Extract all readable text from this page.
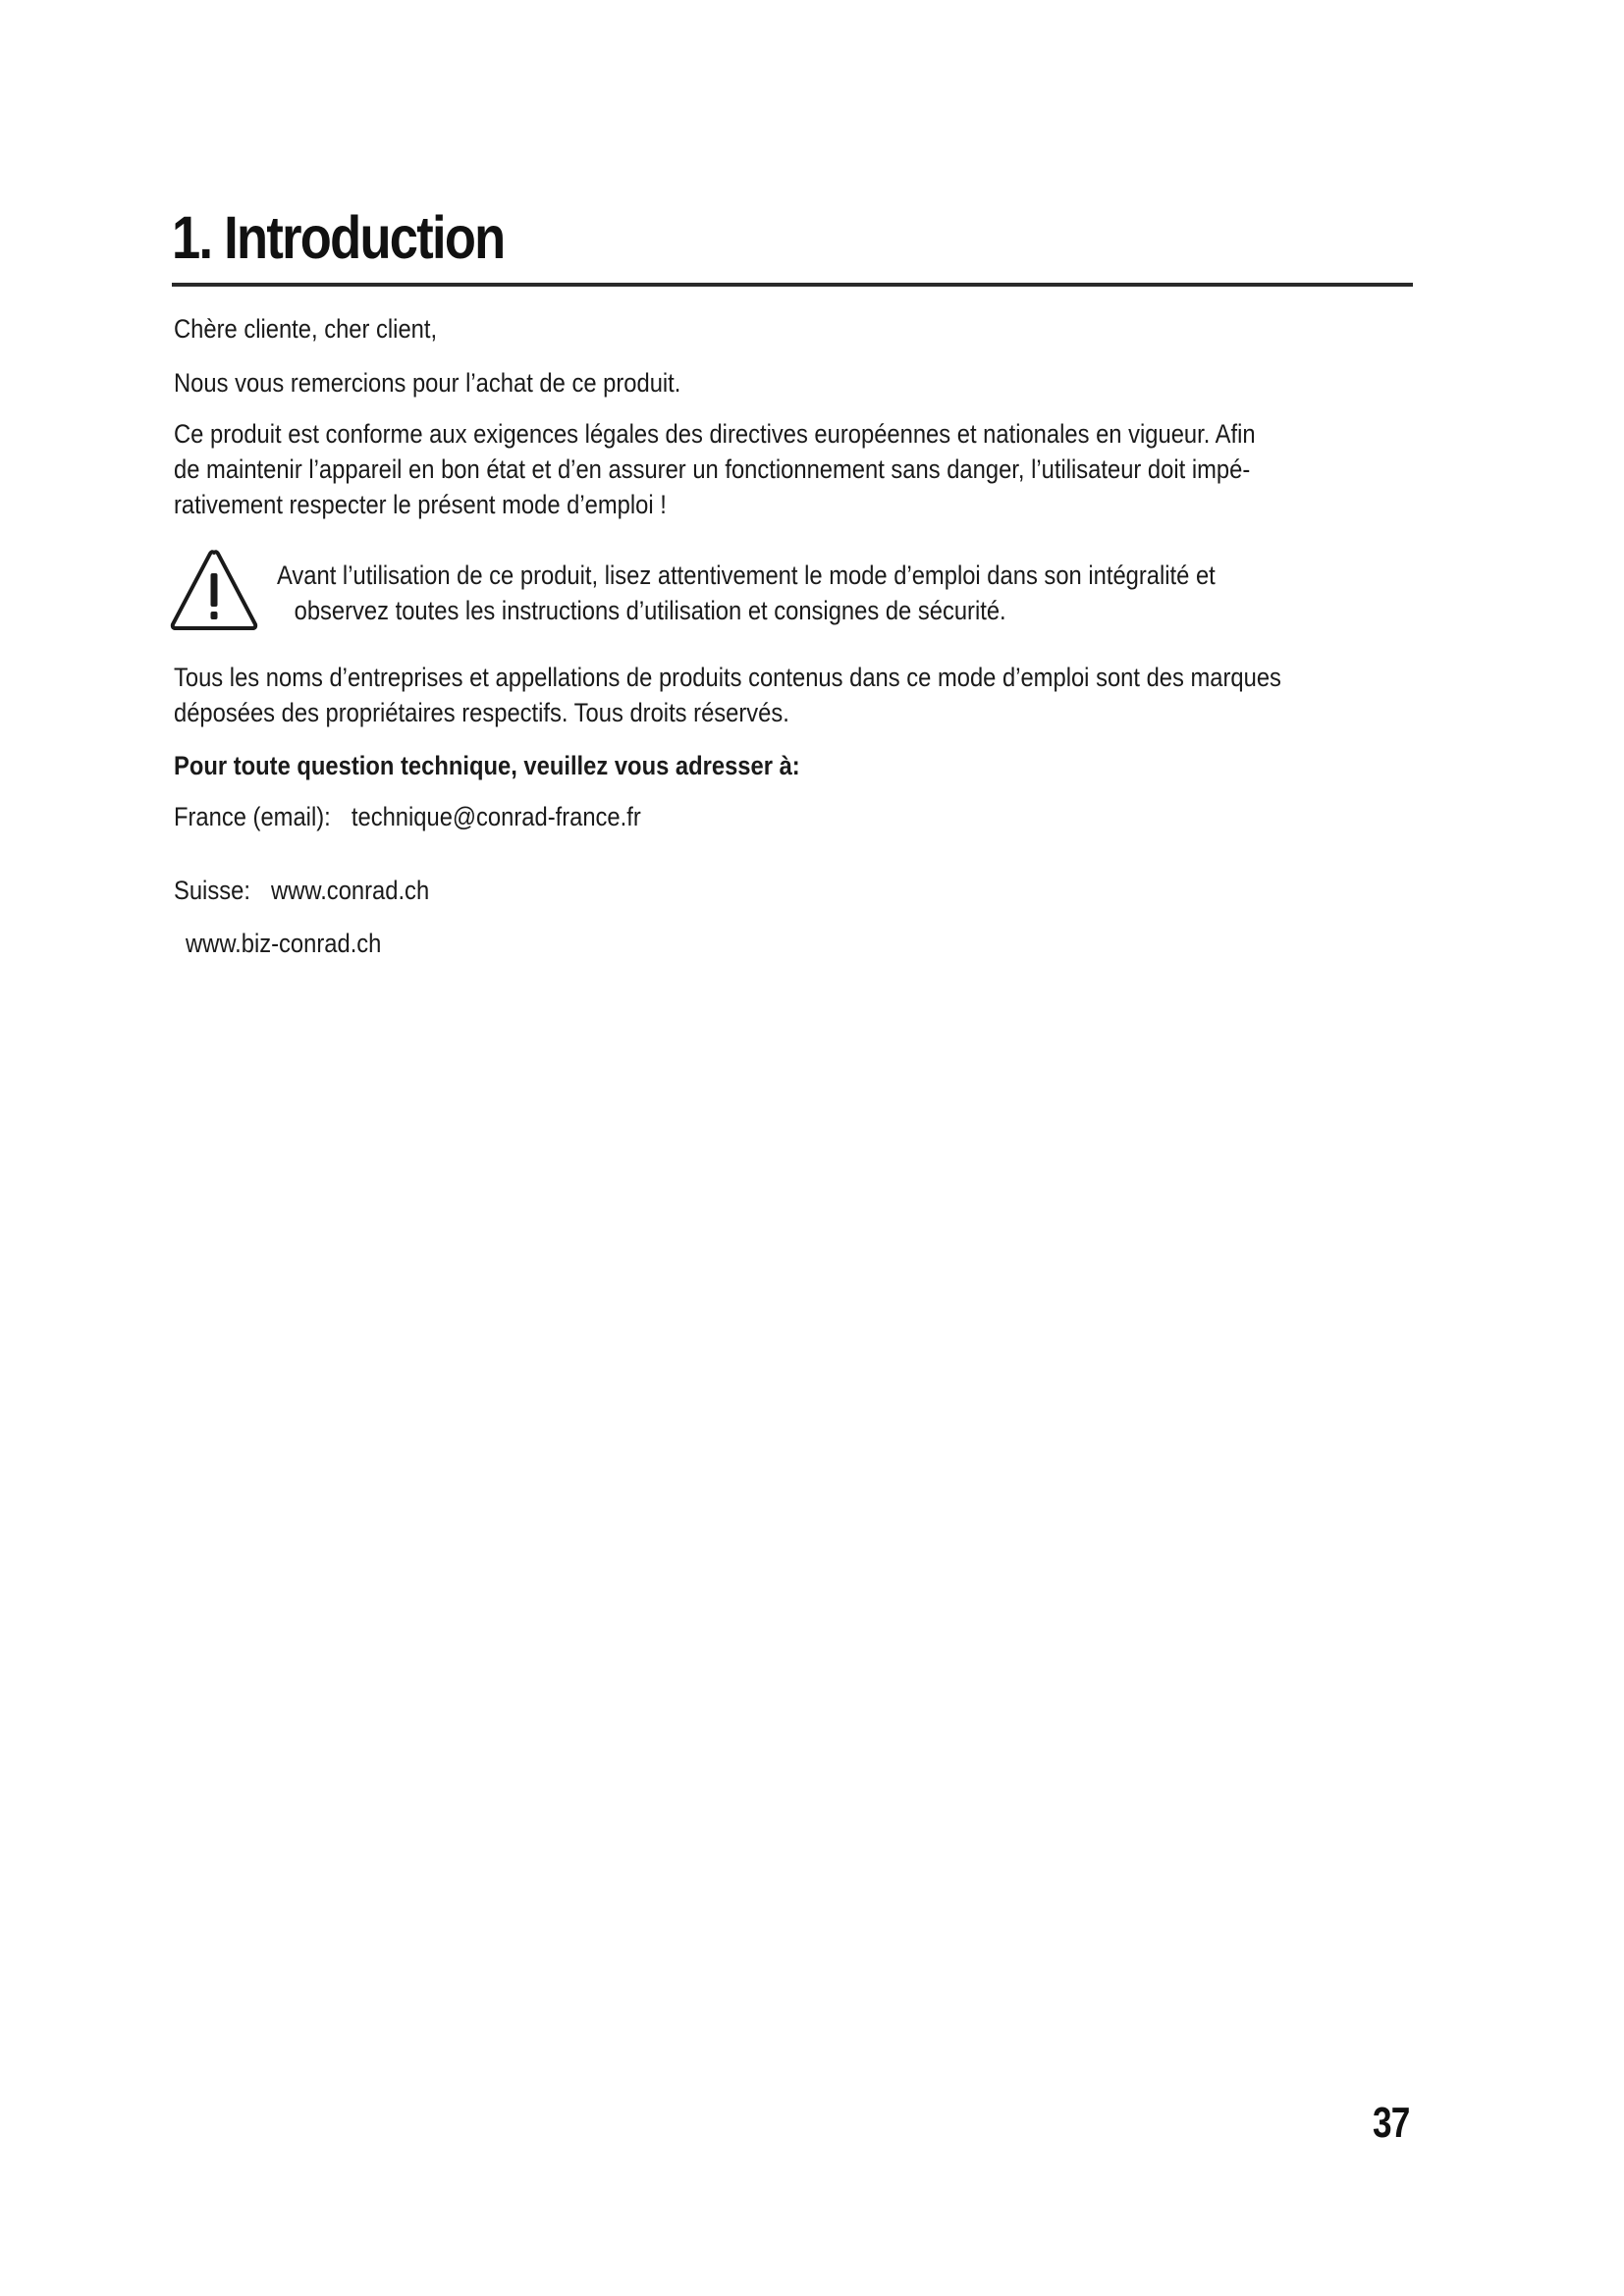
1. Introduction

Chère cliente, cher client,

Nous vous remercions pour l’achat de ce produit.

Ce produit est conforme aux exigences légales des directives européennes et nationales en vigueur. Afin

de maintenir l’appareil en bon état et d’en assurer un fonctionnement sans danger, l’utilisateur doit impé-

rativement respecter le présent mode d’emploi !

Avant l’utilisation de ce produit, lisez attentivement le mode d’emploi dans son intégralité et
observez toutes les instructions d’utilisation et consignes de sécurité.

Tous les noms d’entreprises et appellations de produits contenus dans ce mode d’emploi sont des marques

déposées des propriétaires respectifs. Tous droits réservés.

Pour toute question technique, veuillez vous adresser à:

France (email): technique@conrad-france.fr

Suisse: www.conrad.ch

www.biz-conrad.ch

37
